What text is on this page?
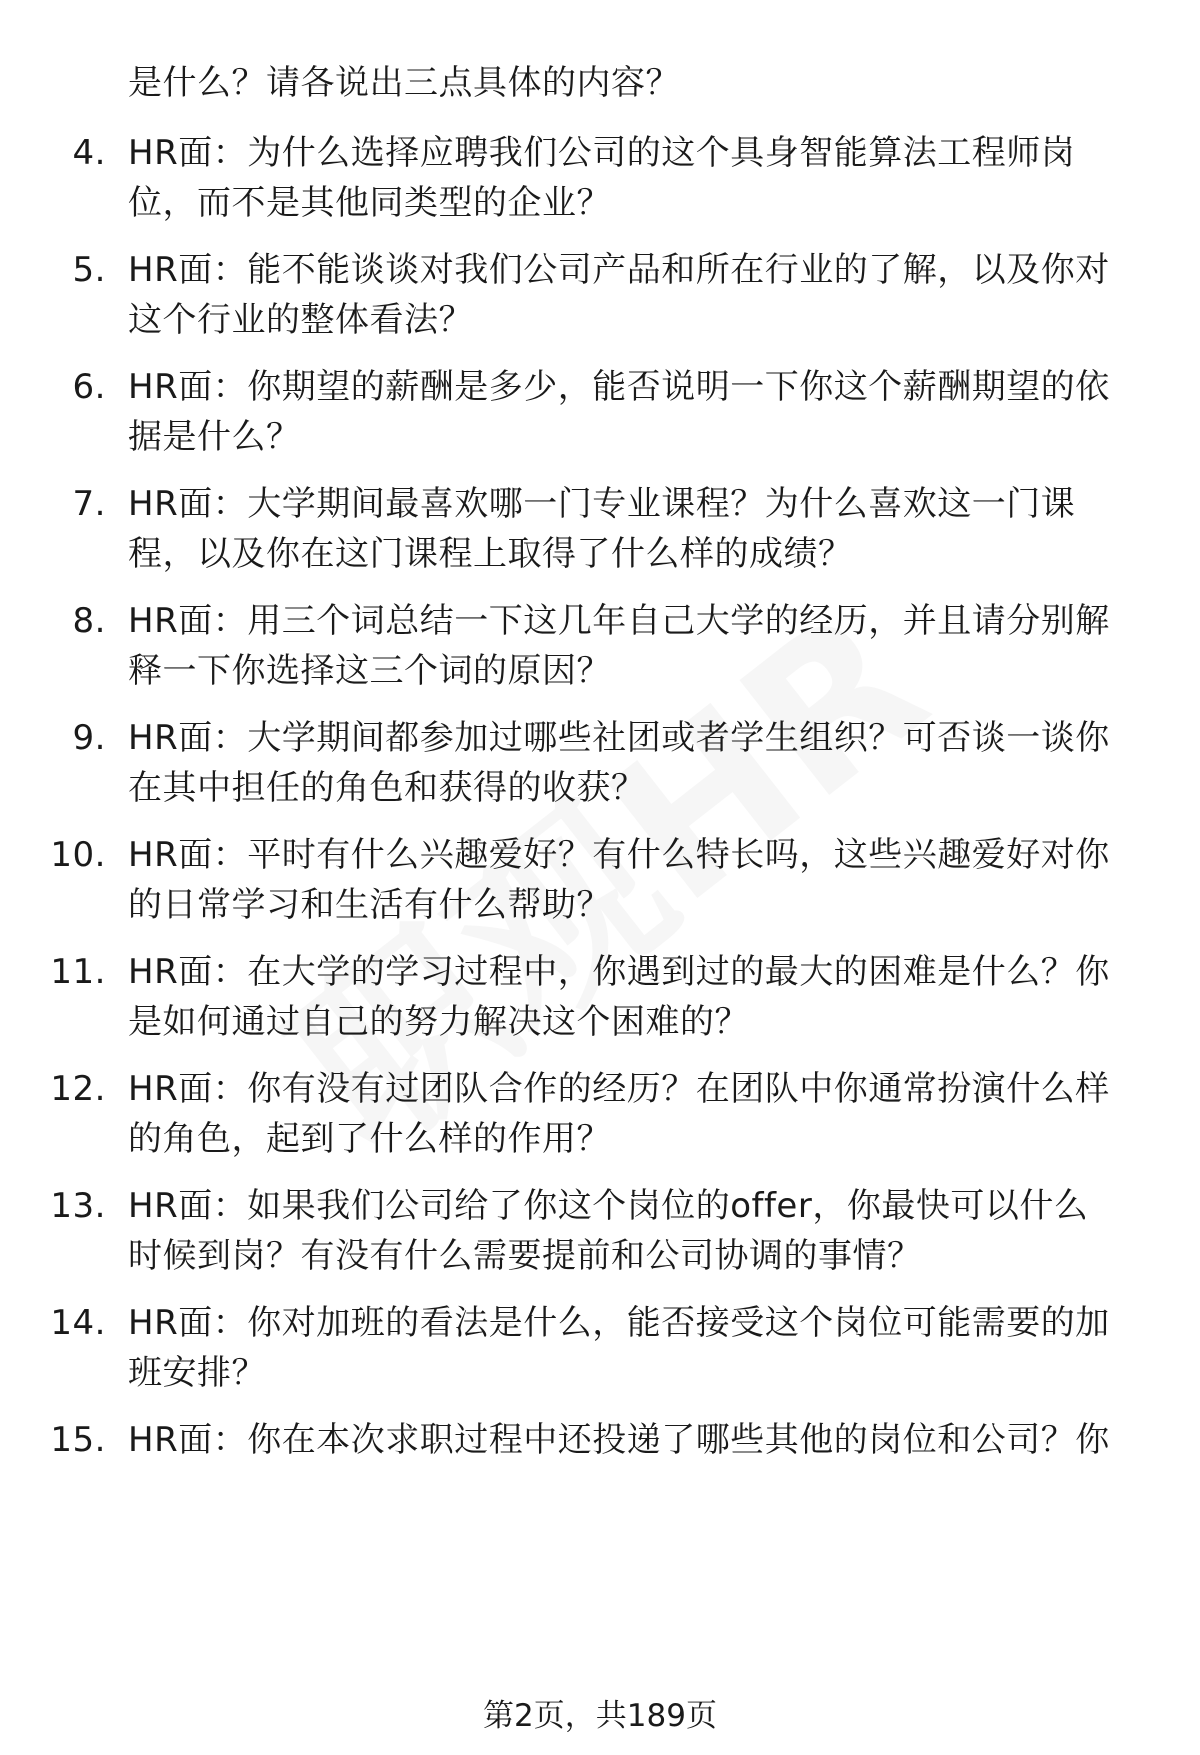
是什么？请各说出三点具体的内容？
4. HR面：为什么选择应聘我们公司的这个具身智能算法工程师岗
位，而不是其他同类型的企业？
5. HR面：能不能谈谈对我们公司产品和所在行业的了解，以及你对
这个行业的整体看法？
6. HR面：你期望的薪酬是多少，能否说明一下你这个薪酬期望的依
据是什么？
7. HR面：大学期间最喜欢哪一门专业课程？为什么喜欢这一门课
程，以及你在这门课程上取得了什么样的成绩？
8. HR面：用三个词总结一下这几年自己大学的经历，并且请分别解
释一下你选择这三个词的原因？
9. HR面：大学期间都参加过哪些社团或者学生组织？可否谈一谈你
在其中担任的角色和获得的收获？
10. HR面：平时有什么兴趣爱好？有什么特长吗，这些兴趣爱好对你
的日常学习和生活有什么帮助？
11. HR面：在大学的学习过程中，你遇到过的最大的困难是什么？你
是如何通过自己的努力解决这个困难的？
12. HR面：你有没有过团队合作的经历？在团队中你通常扮演什么样
的角色，起到了什么样的作用？
13. HR面：如果我们公司给了你这个岗位的offer，你最快可以什么
时候到岗？有没有什么需要提前和公司协调的事情？
14. HR面：你对加班的看法是什么，能否接受这个岗位可能需要的加
班安排？
15. HR面：你在本次求职过程中还投递了哪些其他的岗位和公司？你
第2页，共189页
